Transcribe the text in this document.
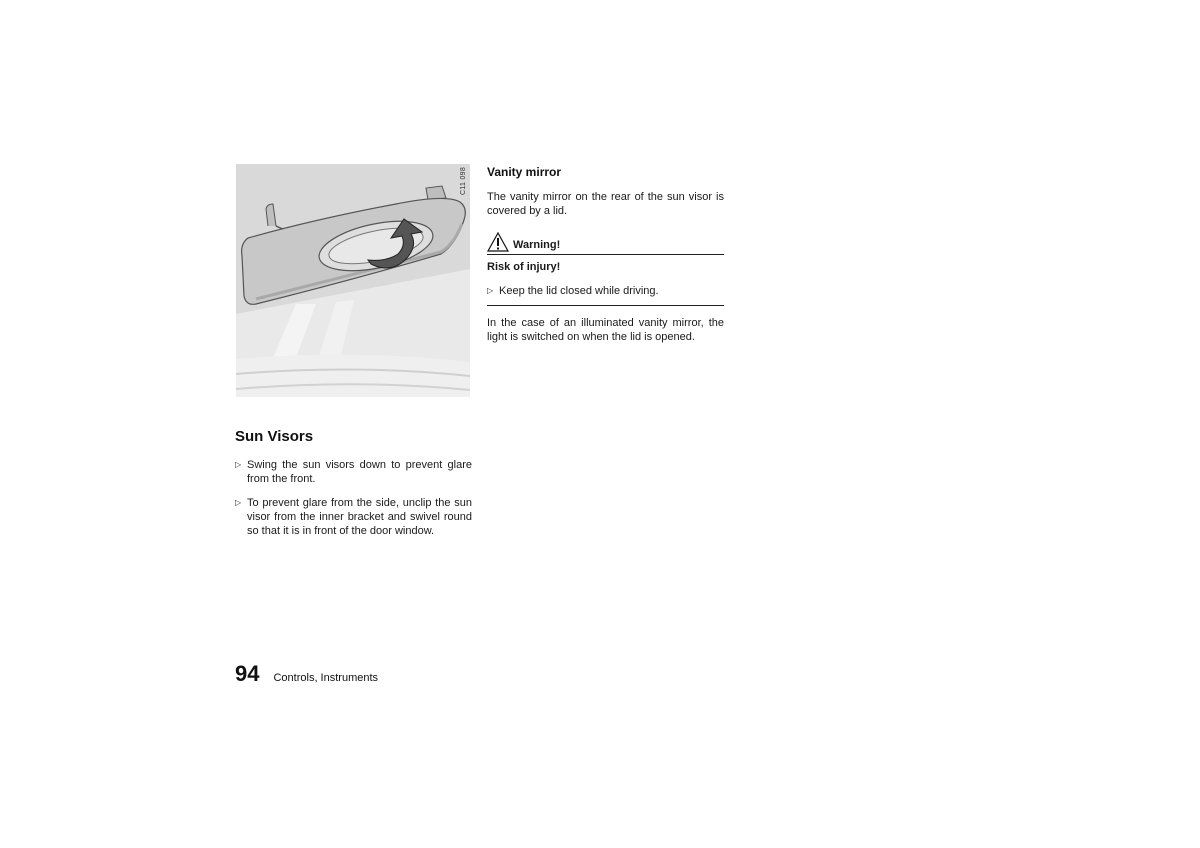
C11 098
Sun Visors
▷ Swing the sun visors down to prevent glare from the front.
▷ To prevent glare from the side, unclip the sun visor from the inner bracket and swivel round so that it is in front of the door window.
Vanity mirror

The vanity mirror on the rear of the sun visor is covered by a lid.

Warning!

Risk of injury!

▷ Keep the lid closed while driving.

In the case of an illuminated vanity mirror, the light is switched on when the lid is opened.

94 Controls, Instruments
